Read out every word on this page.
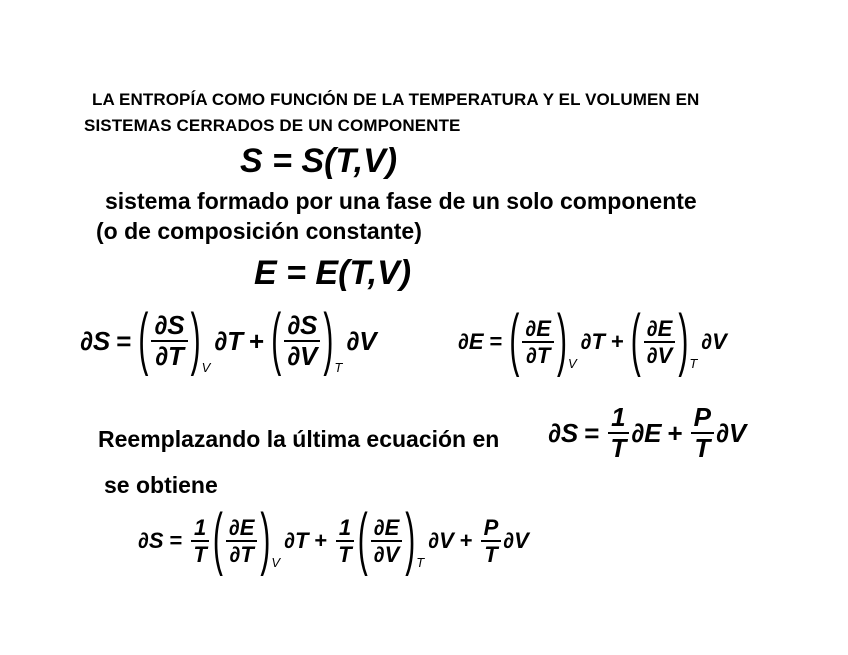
LA ENTROPÍA COMO FUNCIÓN DE LA TEMPERATURA Y EL VOLUMEN EN
SISTEMAS CERRADOS DE UN COMPONENTE
S = S(T,V)
sistema formado por una fase de un solo componente
(o de composición constante)
E = E(T,V)
∂S = ( $\frac{\partial S}{\partial T}$ ) V
∂T + ( $\frac{\partial S}{\partial V}$ ) T
∂V	∂E = ( $\frac{\partial E}{\partial T}$ ) V
∂T + ( $\frac{\partial E}{\partial V}$ ) T
∂V
Reemplazando la última ecuación en $\partial S = \frac{1}{T} \partial E + \frac{P}{T} \partial V$
se obtiene
$\partial S = \frac{1}{T}$ ( $\frac{\partial E}{\partial T}$ ) V
$\partial T + \frac{1}{T}$ ( $\frac{\partial E}{\partial V}$ ) T
$\partial V + \frac{P}{T} \partial V$
